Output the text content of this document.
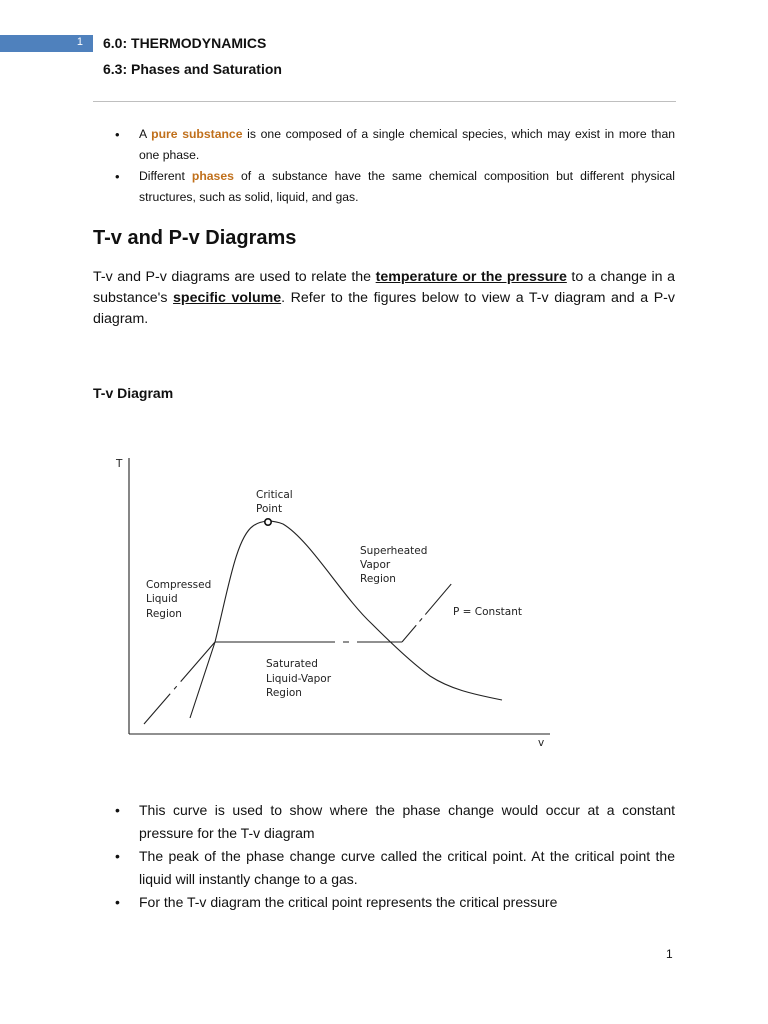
1 6.0: THERMODYNAMICS
6.3: Phases and Saturation
• A pure substance is one composed of a single chemical species, which may exist in more than one phase.
• Different phases of a substance have the same chemical composition but different physical structures, such as solid, liquid, and gas.
T-v and P-v Diagrams

T-v and P-v diagrams are used to relate the temperature or the pressure to a change in a substance's specific volume. Refer to the figures below to view a T-v diagram and a P-v diagram.

T-v Diagram
T
v
Critical
Point
Superheated
Vapor
Region
Compressed
Liquid
Region	P = Constant
Saturated
Liquid-Vapor
Region
• This curve is used to show where the phase change would occur at a constant pressure for the T-v diagram
• The peak of the phase change curve called the critical point. At the critical point the liquid will instantly change to a gas.
• For the T-v diagram the critical point represents the critical pressure
1
